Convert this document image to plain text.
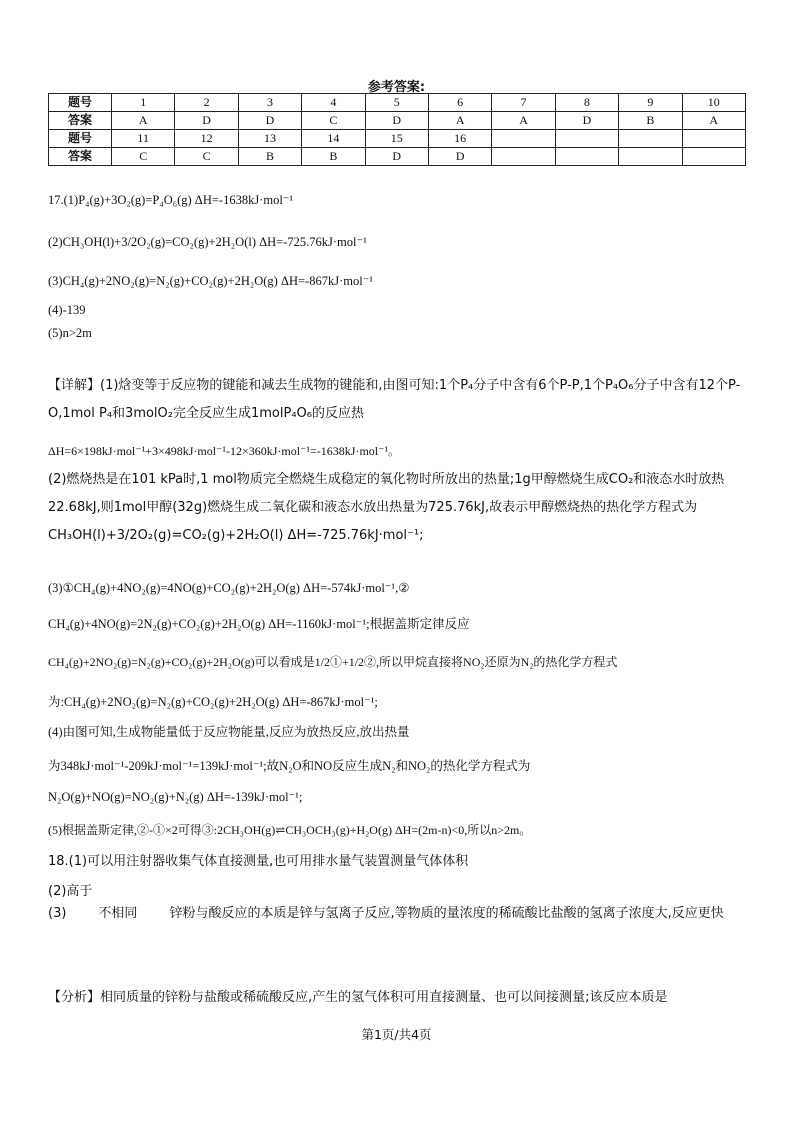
参考答案:
题号	1	2	3	4	5	6	7	8	9	10
答案	A	D	D	C	D	A	A	D	B	A
题号	11	12	13	14	15	16				
答案	C	C	B	B	D	D				
17.(1)P₄(g)+3O₂(g)=P₄O₆(g) ΔH=-1638kJ·mol⁻¹
(2)CH₃OH(l)+3/2O₂(g)=CO₂(g)+2H₂O(l) ΔH=-725.76kJ·mol⁻¹
(3)CH₄(g)+2NO₂(g)=N₂(g)+CO₂(g)+2H₂O(g) ΔH=-867kJ·mol⁻¹
(4)-139
(5)n>2m
【详解】(1)焓变等于反应物的键能和减去生成物的键能和,由图可知:1个P₄分子中含有6个P-P,1个P₄O₆分子中含有12个P-O,1mol P₄和3molO₂完全反应生成1molP₄O₆的反应热
ΔH=6×198kJ·mol⁻¹+3×498kJ·mol⁻¹-12×360kJ·mol⁻¹=-1638kJ·mol⁻¹。
(2)燃烧热是在101 kPa时,1 mol物质完全燃烧生成稳定的氧化物时所放出的热量;1g甲醇燃烧生成CO₂和液态水时放热22.68kJ,则1mol甲醇(32g)燃烧生成二氧化碳和液态水放出热量为725.76kJ,故表示甲醇燃烧热的热化学方程式为CH₃OH(l)+3/2O₂(g)=CO₂(g)+2H₂O(l) ΔH=-725.76kJ·mol⁻¹;
(3)①CH₄(g)+4NO₂(g)=4NO(g)+CO₂(g)+2H₂O(g) ΔH=-574kJ·mol⁻¹,②
CH₄(g)+4NO(g)=2N₂(g)+CO₂(g)+2H₂O(g) ΔH=-1160kJ·mol⁻¹;根据盖斯定律反应
CH₄(g)+2NO₂(g)=N₂(g)+CO₂(g)+2H₂O(g)可以看成是1/2①+1/2②,所以甲烷直接将NO₂还原为N₂的热化学方程式
为:CH₄(g)+2NO₂(g)=N₂(g)+CO₂(g)+2H₂O(g) ΔH=-867kJ·mol⁻¹;
(4)由图可知,生成物能量低于反应物能量,反应为放热反应,放出热量
为348kJ·mol⁻¹-209kJ·mol⁻¹=139kJ·mol⁻¹;故N₂O和NO反应生成N₂和NO₂的热化学方程式为
N₂O(g)+NO(g)=NO₂(g)+N₂(g) ΔH=-139kJ·mol⁻¹;
(5)根据盖斯定律,②-①×2可得③:2CH₃OH(g)⇌CH₃OCH₃(g)+H₂O(g) ΔH=(2m-n)<0,所以n>2m。
18.(1)可以用注射器收集气体直接测量,也可用排水量气装置测量气体体积
(2)高于
(3) 不相同 锌粉与酸反应的本质是锌与氢离子反应,等物质的量浓度的稀硫酸比盐酸的氢离子浓度大,反应更快
【分析】相同质量的锌粉与盐酸或稀硫酸反应,产生的氢气体积可用直接测量、也可以间接测量;该反应本质是
第1页/共4页
